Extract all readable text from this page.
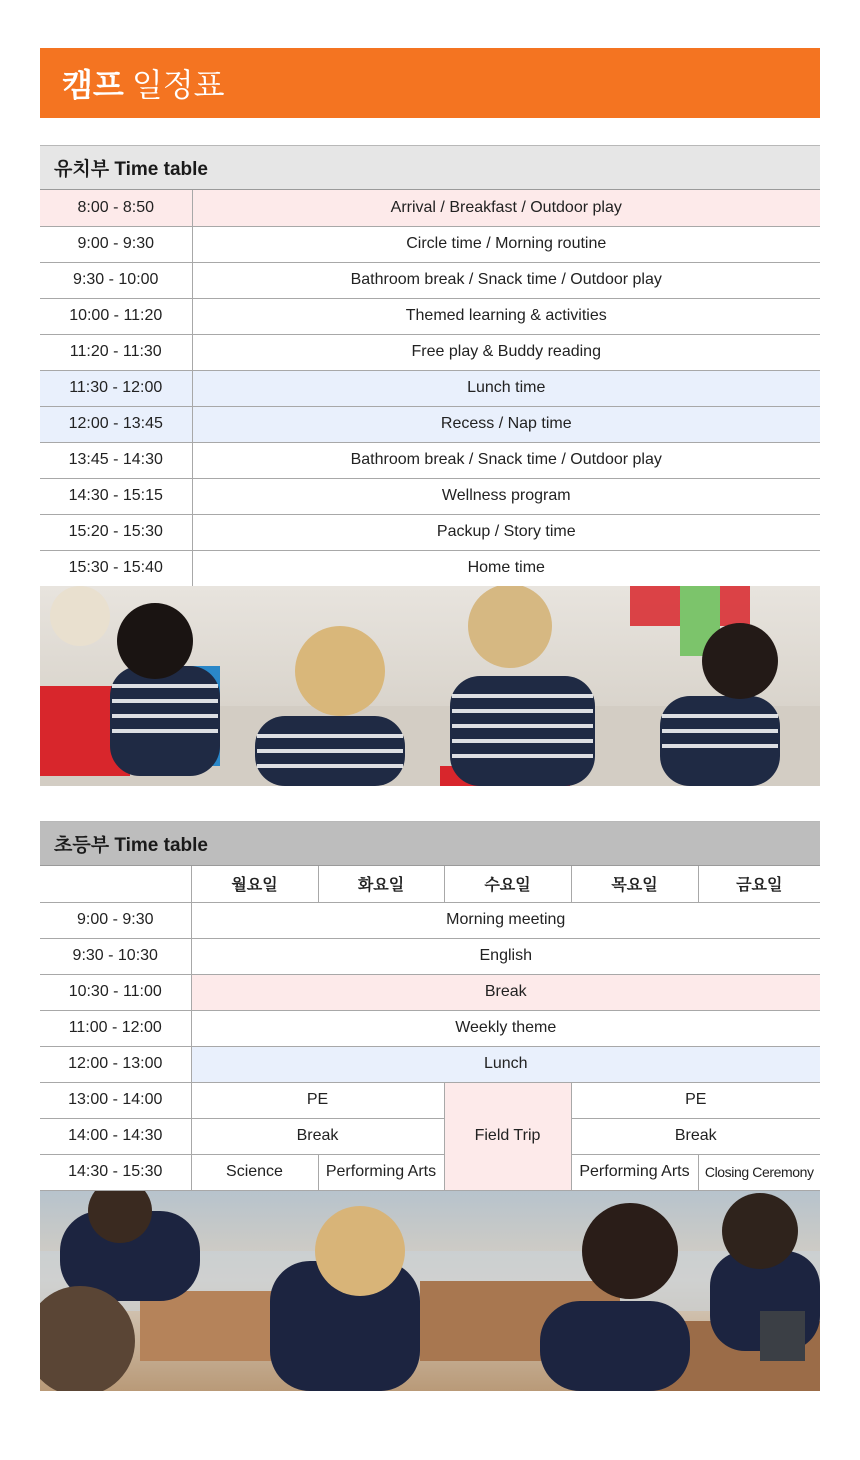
캠프 일정표
유치부 Time table
8:00 - 8:50	Arrival / Breakfast / Outdoor play
9:00 - 9:30	Circle time / Morning routine
9:30 - 10:00	Bathroom break / Snack time / Outdoor play
10:00 - 11:20	Themed learning & activities
11:20 - 11:30	Free play & Buddy reading
11:30 - 12:00	Lunch time
12:00 - 13:45	Recess / Nap time
13:45 - 14:30	Bathroom break / Snack time / Outdoor play
14:30 - 15:15	Wellness program
15:20 - 15:30	Packup / Story time
15:30 - 15:40	Home time
초등부 Time table
	월요일	화요일	수요일	목요일	금요일
9:00 - 9:30	Morning meeting				
9:30 - 10:30	English				
10:30 - 11:00	Break				
11:00 - 12:00	Weekly theme				
12:00 - 13:00	Lunch				
13:00 - 14:00	PE		Field Trip	PE	
14:00 - 14:30	Break			Break	
14:30 - 15:30	Science	Performing Arts		Performing Arts	Closing Ceremony
